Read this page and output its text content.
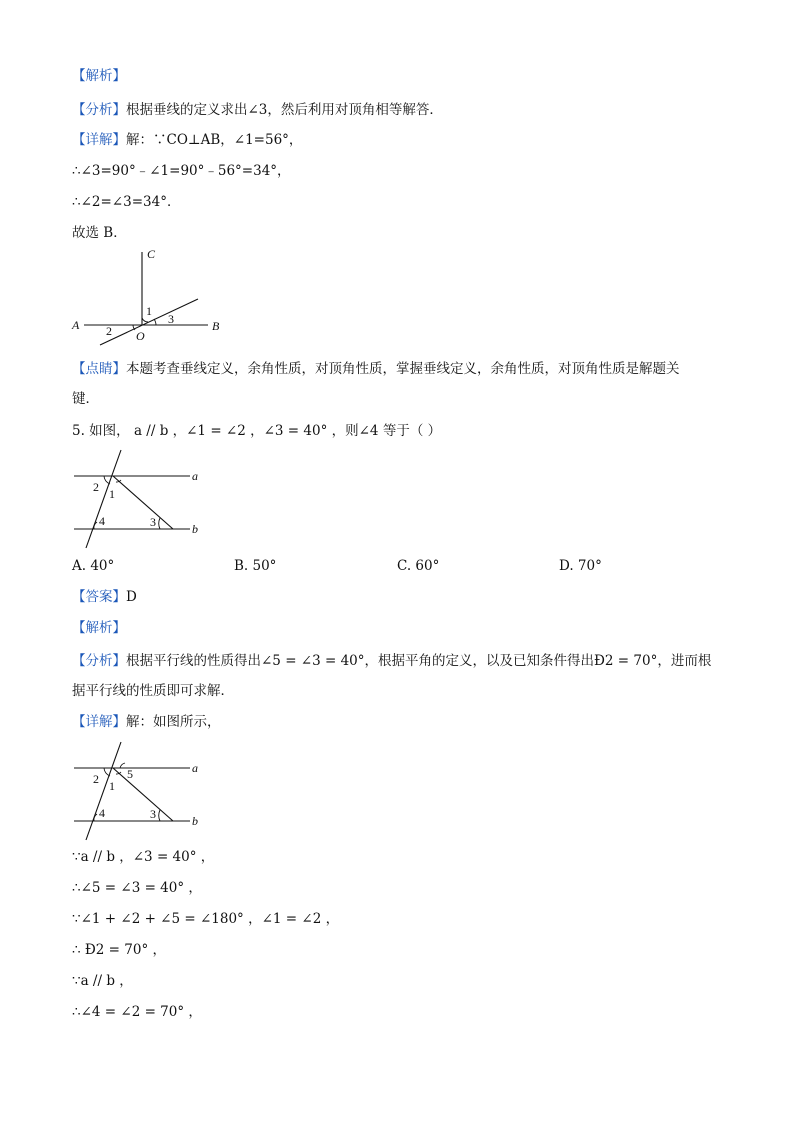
【解析】
【分析】根据垂线的定义求出∠3，然后利用对顶角相等解答．
【详解】解：∵CO⊥AB，∠1=56°，
∴∠3=90°﹣∠1=90°﹣56°=34°，
∴∠2=∠3=34°．
故选 B．
C
A	B
O
1
2
3
【点睛】本题考查垂线定义，余角性质，对顶角性质，掌握垂线定义，余角性质，对顶角性质是解题关
键．
5. 如图， a // b ，∠1 = ∠2 ，∠3 = 40° ，则∠4 等于（ ）
a
b
2 1
3
4
A. 40°	B. 50°	C. 60°	D. 70°
【答案】D
【解析】
【分析】根据平行线的性质得出∠5 = ∠3 = 40°，根据平角的定义，以及已知条件得出Ð2 = 70°，进而根
据平行线的性质即可求解．
【详解】解：如图所示，
a
b
2 1
5
3
4
∵a // b ，∠3 = 40° ，
∴∠5 = ∠3 = 40° ，
∵∠1 + ∠2 + ∠5 = ∠180° ，∠1 = ∠2 ，
∴ Ð2 = 70° ，
∵a // b ，
∴∠4 = ∠2 = 70° ，
